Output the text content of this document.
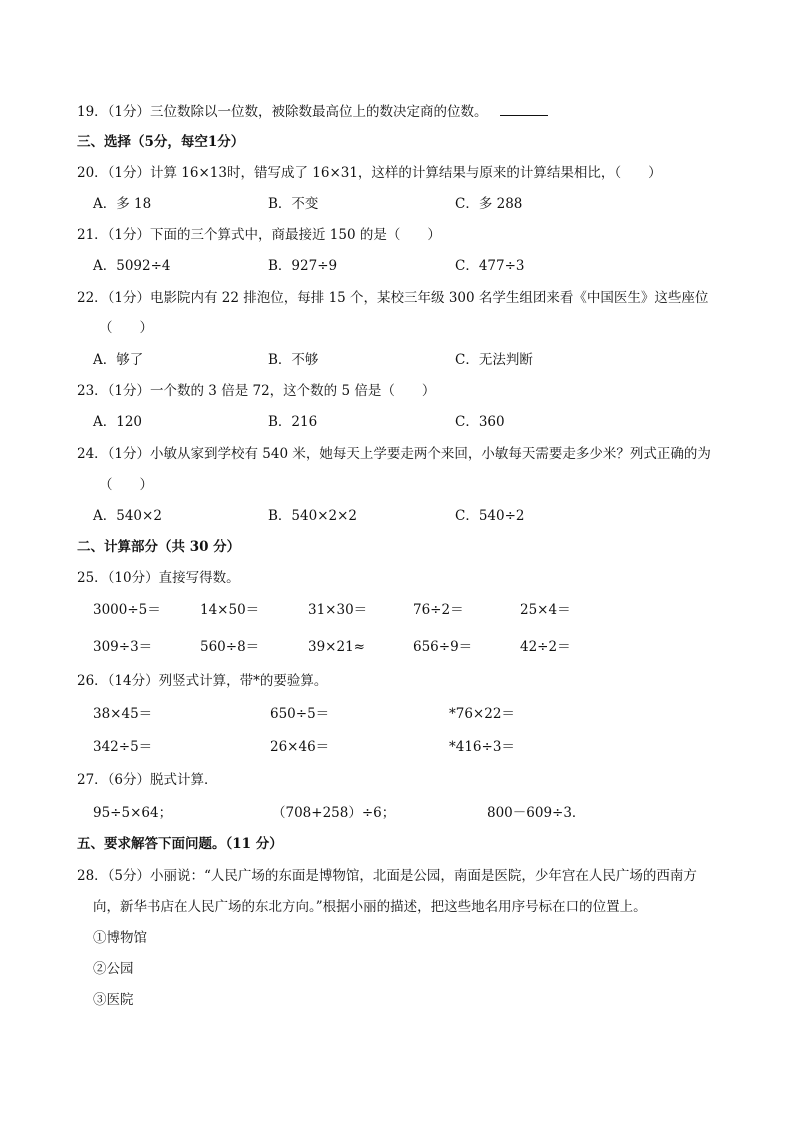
19．（1分）三位数除以一位数，被除数最高位上的数决定商的位数。
三、选择（5分，每空1分）
20．（1分）计算 16×13时，错写成了 16×31，这样的计算结果与原来的计算结果相比，（　　）
A．多 18	B．不变	C．多 288
21．（1分）下面的三个算式中，商最接近 150 的是（　　）
A．5092÷4	B．927÷9	C．477÷3
22．（1分）电影院内有 22 排泡位，每排 15 个，某校三年级 300 名学生组团来看《中国医生》这些座位
（　　）
A．够了	B．不够	C．无法判断
23．（1分）一个数的 3 倍是 72，这个数的 5 倍是（　　）
A．120	B．216	C．360
24．（1分）小敏从家到学校有 540 米，她每天上学要走两个来回，小敏每天需要走多少米？列式正确的为
（　　）
A．540×2	B．540×2×2	C．540÷2
二、计算部分（共 30 分）
25．（10分）直接写得数。
3000÷5＝	14×50＝	31×30＝	76÷2＝	25×4＝
309÷3＝	560÷8＝	39×21≈	656÷9＝	42÷2＝
26．（14分）列竖式计算，带*的要验算。
38×45＝	650÷5＝	*76×22＝
342÷5＝	26×46＝	*416÷3＝
27．（6分）脱式计算．
95÷5×64；	（708+258）÷6；	800－609÷3．
五、要求解答下面问题。（11 分）
28．（5分）小丽说：“人民广场的东面是博物馆，北面是公园，南面是医院，少年宫在人民广场的西南方
向，新华书店在人民广场的东北方向。”根据小丽的描述，把这些地名用序号标在口的位置上。
①博物馆
②公园
③医院
